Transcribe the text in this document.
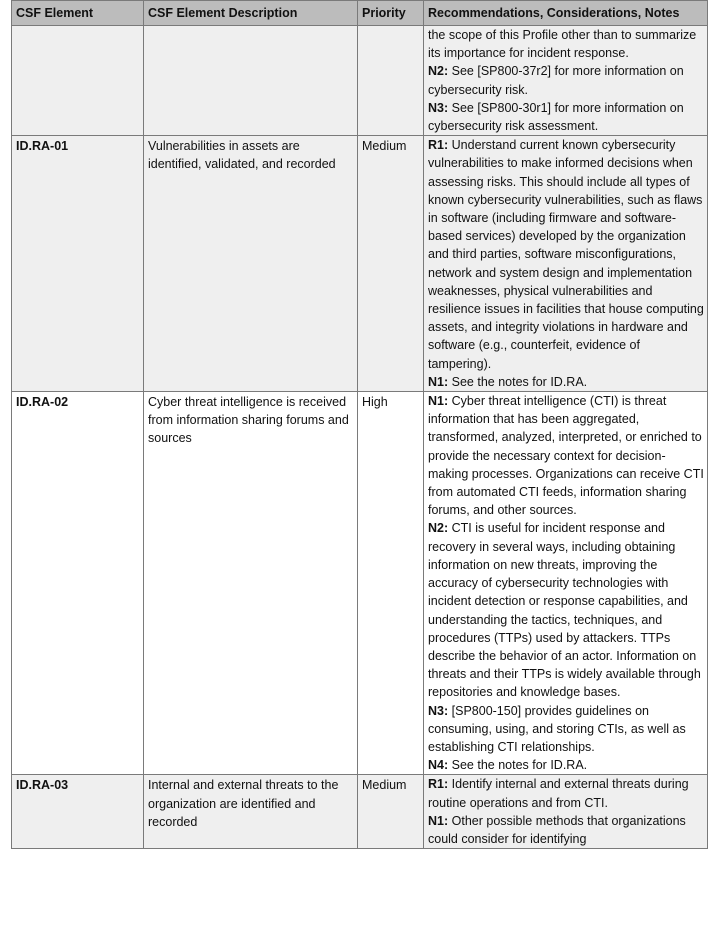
CSF Element	CSF Element Description	Priority	Recommendations, Considerations, Notes

			the scope of this Profile other than to summarize its importance for incident response.
N2: See [SP800-37r2] for more information on cybersecurity risk.
N3: See [SP800-30r1] for more information on cybersecurity risk assessment.

ID.RA-01	Vulnerabilities in assets are identified, validated, and recorded	Medium	R1: Understand current known cybersecurity vulnerabilities to make informed decisions when assessing risks. This should include all types of known cybersecurity vulnerabilities, such as flaws in software (including firmware and software-based services) developed by the organization and third parties, software misconfigurations, network and system design and implementation weaknesses, physical vulnerabilities and resilience issues in facilities that house computing assets, and integrity violations in hardware and software (e.g., counterfeit, evidence of tampering).
N1: See the notes for ID.RA.

ID.RA-02	Cyber threat intelligence is received from information sharing forums and sources	High	N1: Cyber threat intelligence (CTI) is threat information that has been aggregated, transformed, analyzed, interpreted, or enriched to provide the necessary context for decision-making processes. Organizations can receive CTI from automated CTI feeds, information sharing forums, and other sources.
N2: CTI is useful for incident response and recovery in several ways, including obtaining information on new threats, improving the accuracy of cybersecurity technologies with incident detection or response capabilities, and understanding the tactics, techniques, and procedures (TTPs) used by attackers. TTPs describe the behavior of an actor. Information on threats and their TTPs is widely available through repositories and knowledge bases.
N3: [SP800-150] provides guidelines on consuming, using, and storing CTIs, as well as establishing CTI relationships.
N4: See the notes for ID.RA.

ID.RA-03	Internal and external threats to the organization are identified and recorded	Medium	R1: Identify internal and external threats during routine operations and from CTI.
N1: Other possible methods that organizations could consider for identifying
